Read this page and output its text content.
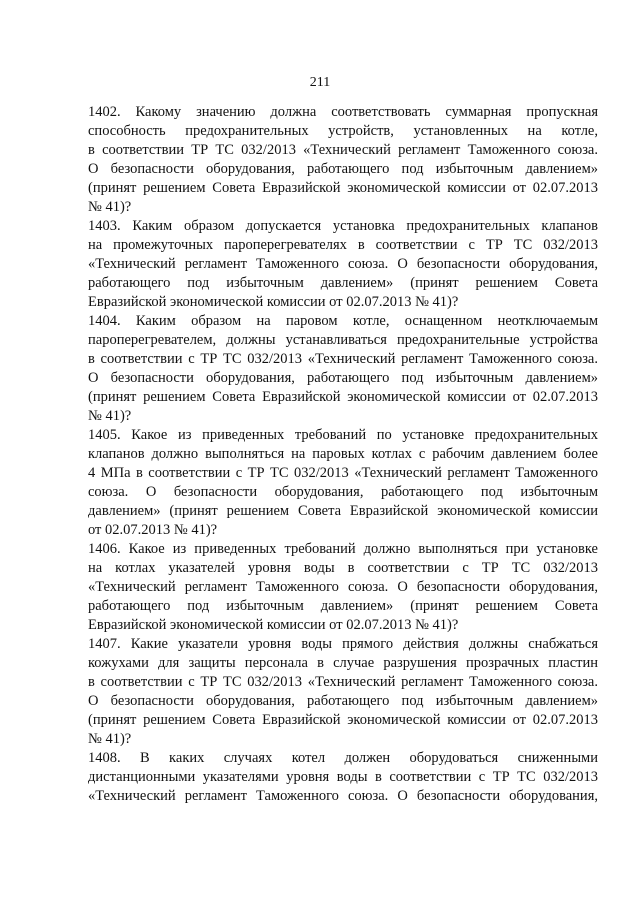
211
1402. Какому значению должна соответствовать суммарная пропускная
способность предохранительных устройств, установленных на котле,
в соответствии ТР ТС 032/2013 «Технический регламент Таможенного союза.
О безопасности оборудования, работающего под избыточным давлением»
(принят решением Совета Евразийской экономической комиссии от 02.07.2013
№ 41)?
1403. Каким образом допускается установка предохранительных клапанов
на промежуточных пароперегревателях в соответствии с ТР ТС 032/2013
«Технический регламент Таможенного союза. О безопасности оборудования,
работающего под избыточным давлением» (принят решением Совета
Евразийской экономической комиссии от 02.07.2013 № 41)?
1404. Каким образом на паровом котле, оснащенном неотключаемым
пароперегревателем, должны устанавливаться предохранительные устройства
в соответствии с ТР ТС 032/2013 «Технический регламент Таможенного союза.
О безопасности оборудования, работающего под избыточным давлением»
(принят решением Совета Евразийской экономической комиссии от 02.07.2013
№ 41)?
1405. Какое из приведенных требований по установке предохранительных
клапанов должно выполняться на паровых котлах с рабочим давлением более
4 МПа в соответствии с ТР ТС 032/2013 «Технический регламент Таможенного
союза. О безопасности оборудования, работающего под избыточным
давлением» (принят решением Совета Евразийской экономической комиссии
от 02.07.2013 № 41)?
1406. Какое из приведенных требований должно выполняться при установке
на котлах указателей уровня воды в соответствии с ТР ТС 032/2013
«Технический регламент Таможенного союза. О безопасности оборудования,
работающего под избыточным давлением» (принят решением Совета
Евразийской экономической комиссии от 02.07.2013 № 41)?
1407. Какие указатели уровня воды прямого действия должны снабжаться
кожухами для защиты персонала в случае разрушения прозрачных пластин
в соответствии с ТР ТС 032/2013 «Технический регламент Таможенного союза.
О безопасности оборудования, работающего под избыточным давлением»
(принят решением Совета Евразийской экономической комиссии от 02.07.2013
№ 41)?
1408. В каких случаях котел должен оборудоваться сниженными
дистанционными указателями уровня воды в соответствии с ТР ТС 032/2013
«Технический регламент Таможенного союза. О безопасности оборудования,
